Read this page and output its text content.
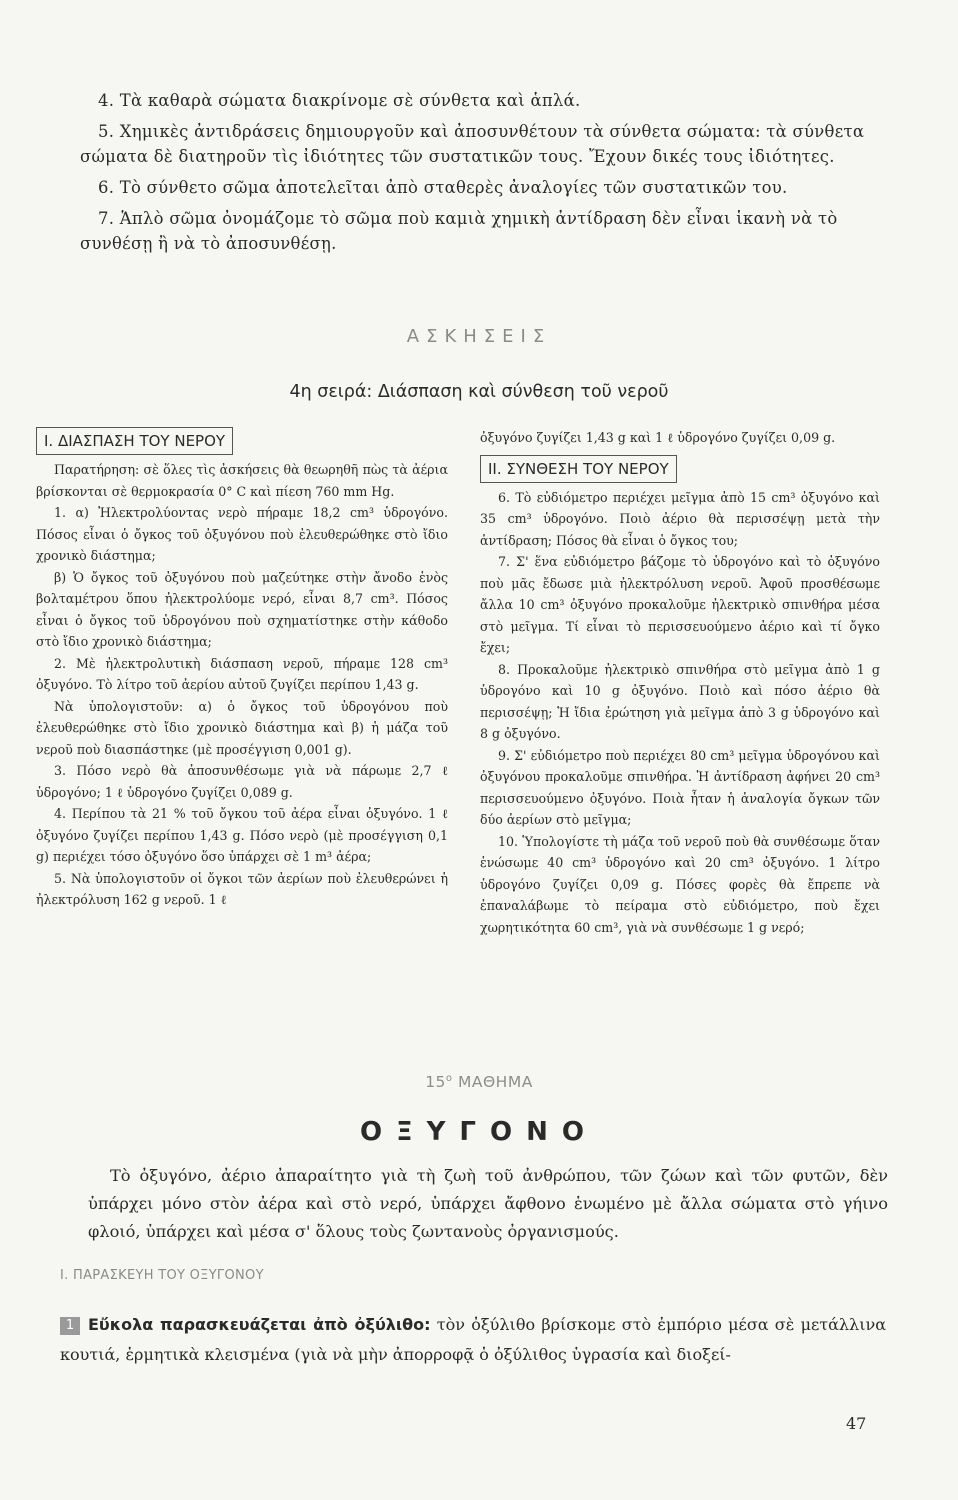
4. Τὰ καθαρὰ σώματα διακρίνομε σὲ σύνθετα καὶ ἁπλά.

5. Χημικὲς ἀντιδράσεις δημιουργοῦν καὶ ἀποσυνθέτουν τὰ σύνθετα σώματα: τὰ σύνθετα σώματα δὲ διατηροῦν τὶς ἰδιότητες τῶν συστατικῶν τους. Ἔχουν δικές τους ἰδιότητες.

6. Τὸ σύνθετο σῶμα ἀποτελεῖται ἀπὸ σταθερὲς ἀναλογίες τῶν συστατικῶν του.

7. Ἁπλὸ σῶμα ὀνομάζομε τὸ σῶμα ποὺ καμιὰ χημικὴ ἀντίδραση δὲν εἶναι ἱκανὴ νὰ τὸ συνθέσῃ ἢ νὰ τὸ ἀποσυνθέσῃ.

ΑΣΚΗΣΕΙΣ
4η σειρά: Διάσπαση καὶ σύνθεση τοῦ νεροῦ
I. ΔΙΑΣΠΑΣΗ ΤΟΥ ΝΕΡΟΥ

Παρατήρηση: σὲ ὅλες τὶς ἀσκήσεις θὰ θεωρηθῆ πὼς τὰ ἀέρια βρίσκονται σὲ θερμοκρασία 0° C καὶ πίεση 760 mm Hg.

1. α) Ἠλεκτρολύοντας νερὸ πήραμε 18,2 cm³ ὑδρογόνο. Πόσος εἶναι ὁ ὄγκος τοῦ ὀξυγόνου ποὺ ἐλευθερώθηκε στὸ ἴδιο χρονικὸ διάστημα;

β) Ὁ ὄγκος τοῦ ὀξυγόνου ποὺ μαζεύτηκε στὴν ἄνοδο ἑνὸς βολταμέτρου ὅπου ἠλεκτρολύομε νερό, εἶναι 8,7 cm³. Πόσος εἶναι ὁ ὄγκος τοῦ ὑδρογόνου ποὺ σχηματίστηκε στὴν κάθοδο στὸ ἴδιο χρονικὸ διάστημα;

2. Μὲ ἠλεκτρολυτικὴ διάσπαση νεροῦ, πήραμε 128 cm³ ὀξυγόνο. Τὸ λίτρο τοῦ ἀερίου αὐτοῦ ζυγίζει περίπου 1,43 g.

Νὰ ὑπολογιστοῦν: α) ὁ ὄγκος τοῦ ὑδρογόνου ποὺ ἐλευθερώθηκε στὸ ἴδιο χρονικὸ διάστημα καὶ β) ἡ μάζα τοῦ νεροῦ ποὺ διασπάστηκε (μὲ προσέγγιση 0,001 g).

3. Πόσο νερὸ θὰ ἀποσυνθέσωμε γιὰ νὰ πάρωμε 2,7 ℓ ὑδρογόνο; 1 ℓ ὑδρογόνο ζυγίζει 0,089 g.

4. Περίπου τὰ 21 % τοῦ ὄγκου τοῦ ἀέρα εἶναι ὀξυγόνο. 1 ℓ ὀξυγόνο ζυγίζει περίπου 1,43 g. Πόσο νερὸ (μὲ προσέγγιση 0,1 g) περιέχει τόσο ὀξυγόνο ὅσο ὑπάρχει σὲ 1 m³ ἀέρα;

5. Νὰ ὑπολογιστοῦν οἱ ὄγκοι τῶν ἀερίων ποὺ ἐλευθερώνει ἡ ἠλεκτρόλυση 162 g νεροῦ. 1 ℓ

ὀξυγόνο ζυγίζει 1,43 g καὶ 1 ℓ ὑδρογόνο ζυγίζει 0,09 g.

II. ΣΥΝΘΕΣΗ ΤΟΥ ΝΕΡΟΥ

6. Τὸ εὐδιόμετρο περιέχει μεῖγμα ἀπὸ 15 cm³ ὀξυγόνο καὶ 35 cm³ ὑδρογόνο. Ποιὸ ἀέριο θὰ περισσέψῃ μετὰ τὴν ἀντίδραση; Πόσος θὰ εἶναι ὁ ὄγκος του;

7. Σ' ἕνα εὐδιόμετρο βάζομε τὸ ὑδρογόνο καὶ τὸ ὀξυγόνο ποὺ μᾶς ἔδωσε μιὰ ἠλεκτρόλυση νεροῦ. Ἀφοῦ προσθέσωμε ἄλλα 10 cm³ ὀξυγόνο προκαλοῦμε ἠλεκτρικὸ σπινθήρα μέσα στὸ μεῖγμα. Τί εἶναι τὸ περισσευούμενο ἀέριο καὶ τί ὄγκο ἔχει;

8. Προκαλοῦμε ἠλεκτρικὸ σπινθήρα στὸ μεῖγμα ἀπὸ 1 g ὑδρογόνο καὶ 10 g ὀξυγόνο. Ποιὸ καὶ πόσο ἀέριο θὰ περισσέψῃ; Ἡ ἴδια ἐρώτηση γιὰ μεῖγμα ἀπὸ 3 g ὑδρογόνο καὶ 8 g ὀξυγόνο.

9. Σ' εὐδιόμετρο ποὺ περιέχει 80 cm³ μεῖγμα ὑδρογόνου καὶ ὀξυγόνου προκαλοῦμε σπινθήρα. Ἡ ἀντίδραση ἀφήνει 20 cm³ περισσευούμενο ὀξυγόνο. Ποιὰ ἦταν ἡ ἀναλογία ὄγκων τῶν δύο ἀερίων στὸ μεῖγμα;

10. Ὑπολογίστε τὴ μάζα τοῦ νεροῦ ποὺ θὰ συνθέσωμε ὅταν ἑνώσωμε 40 cm³ ὑδρογόνο καὶ 20 cm³ ὀξυγόνο. 1 λίτρο ὑδρογόνο ζυγίζει 0,09 g. Πόσες φορὲς θὰ ἔπρεπε νὰ ἐπαναλάβωμε τὸ πείραμα στὸ εὐδιόμετρο, ποὺ ἔχει χωρητικότητα 60 cm³, γιὰ νὰ συνθέσωμε 1 g νερό;

$15^o$ ΜΑΘΗΜΑ
ΟΞΥΓΟΝΟ

Τὸ ὀξυγόνο, ἀέριο ἀπαραίτητο γιὰ τὴ ζωὴ τοῦ ἀνθρώπου, τῶν ζώων καὶ τῶν φυτῶν, δὲν ὑπάρχει μόνο στὸν ἀέρα καὶ στὸ νερό, ὑπάρχει ἄφθονο ἑνωμένο μὲ ἄλλα σώματα στὸ γήινο φλοιό, ὑπάρχει καὶ μέσα σ' ὅλους τοὺς ζωντανοὺς ὀργανισμούς.

I. ΠΑΡΑΣΚΕΥΗ ΤΟΥ ΟΞΥΓΟΝΟΥ

1 Εὔκολα παρασκευάζεται ἀπὸ ὀξύλιθο: τὸν ὀξύλιθο βρίσκομε στὸ ἐμπόριο μέσα σὲ μετάλλινα κουτιά, ἑρμητικὰ κλεισμένα (γιὰ νὰ μὴν ἀπορροφᾷ ὁ ὀξύλιθος ὑγρασία καὶ διοξεί-

47
